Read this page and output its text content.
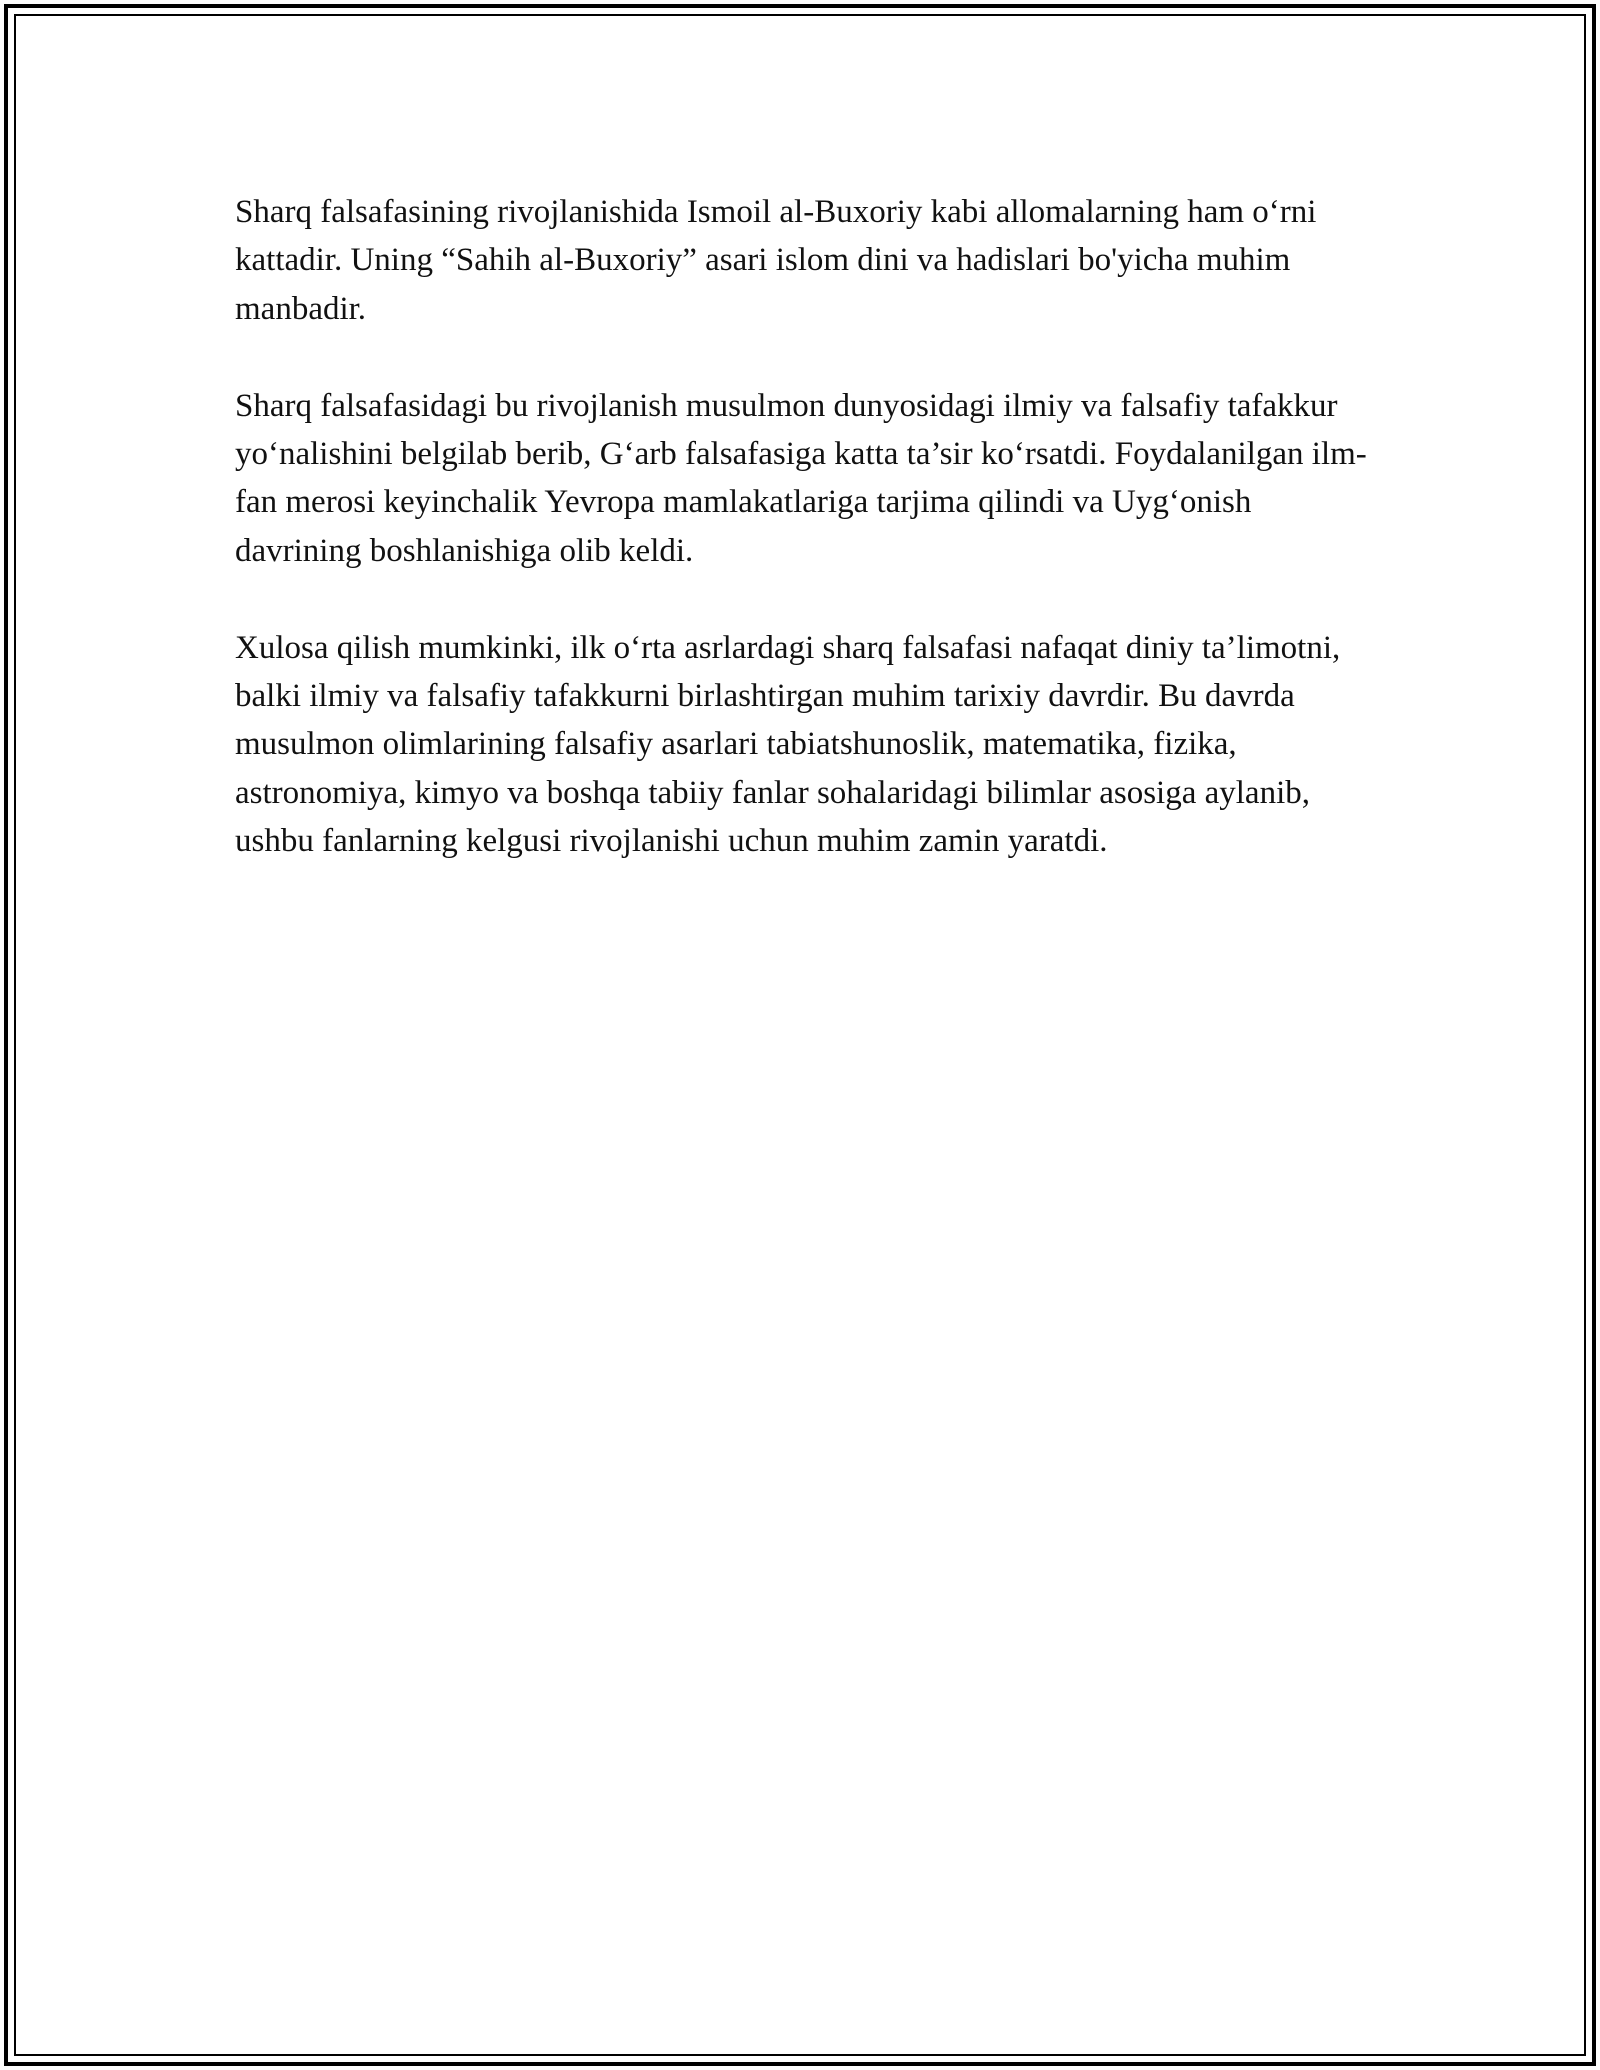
Sharq falsafasining rivojlanishida Ismoil al-Buxoriy kabi allomalarning ham o‘rni kattadir. Uning “Sahih al-Buxoriy” asari islom dini va hadislari bo'yicha muhim manbadir.

Sharq falsafasidagi bu rivojlanish musulmon dunyosidagi ilmiy va falsafiy tafakkur yo‘nalishini belgilab berib, G‘arb falsafasiga katta ta’sir ko‘rsatdi. Foydalanilgan ilm-fan merosi keyinchalik Yevropa mamlakatlariga tarjima qilindi va Uyg‘onish davrining boshlanishiga olib keldi.

Xulosa qilish mumkinki, ilk o‘rta asrlardagi sharq falsafasi nafaqat diniy ta’limotni, balki ilmiy va falsafiy tafakkurni birlashtirgan muhim tarixiy davrdir. Bu davrda musulmon olimlarining falsafiy asarlari tabiatshunoslik, matematika, fizika, astronomiya, kimyo va boshqa tabiiy fanlar sohalaridagi bilimlar asosiga aylanib, ushbu fanlarning kelgusi rivojlanishi uchun muhim zamin yaratdi.
